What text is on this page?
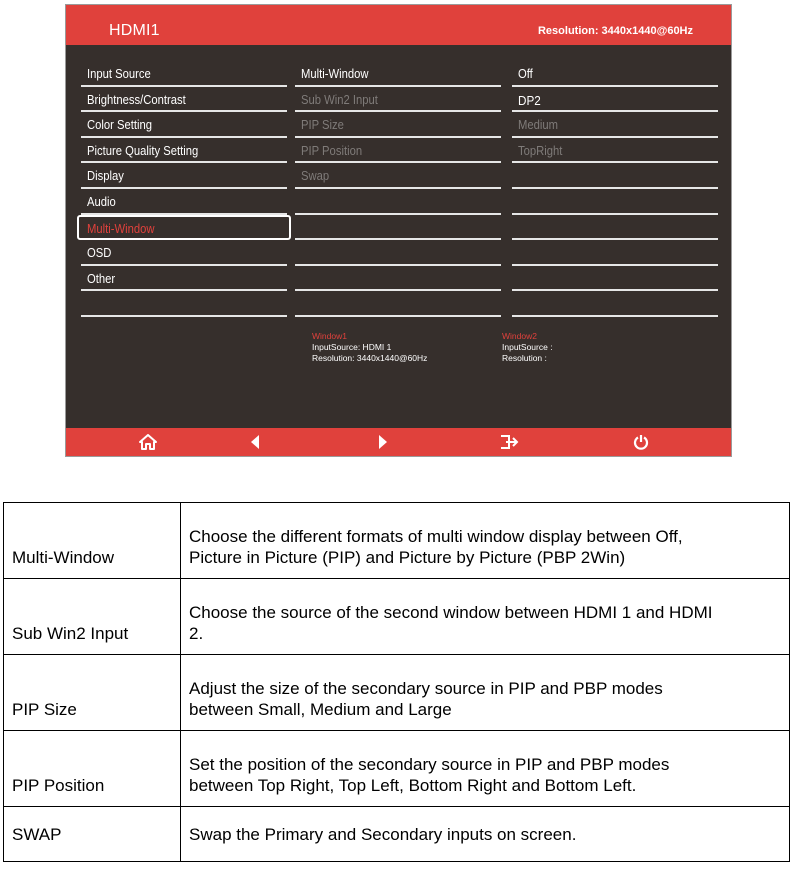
HDMI1	Resolution: 3440x1440@60Hz
Input Source
Brightness/Contrast
Color Setting
Picture Quality Setting
Display
Audio
Multi-Window
OSD
Other
Multi-Window
Sub Win2 Input
PIP Size
PIP Position
Swap
Off
DP2
Medium
TopRight
Window1
InputSource: HDMI 1
Resolution: 3440x1440@60Hz
Window2
InputSource :
Resolution :
Multi-Window	Choose the different formats of multi window display between Off,
Picture in Picture (PIP) and Picture by Picture (PBP 2Win)
Sub Win2 Input	Choose the source of the second window between HDMI 1 and HDMI
2.
PIP Size	Adjust the size of the secondary source in PIP and PBP modes
between Small, Medium and Large
PIP Position	Set the position of the secondary source in PIP and PBP modes
between Top Right, Top Left, Bottom Right and Bottom Left.
SWAP	Swap the Primary and Secondary inputs on screen.
